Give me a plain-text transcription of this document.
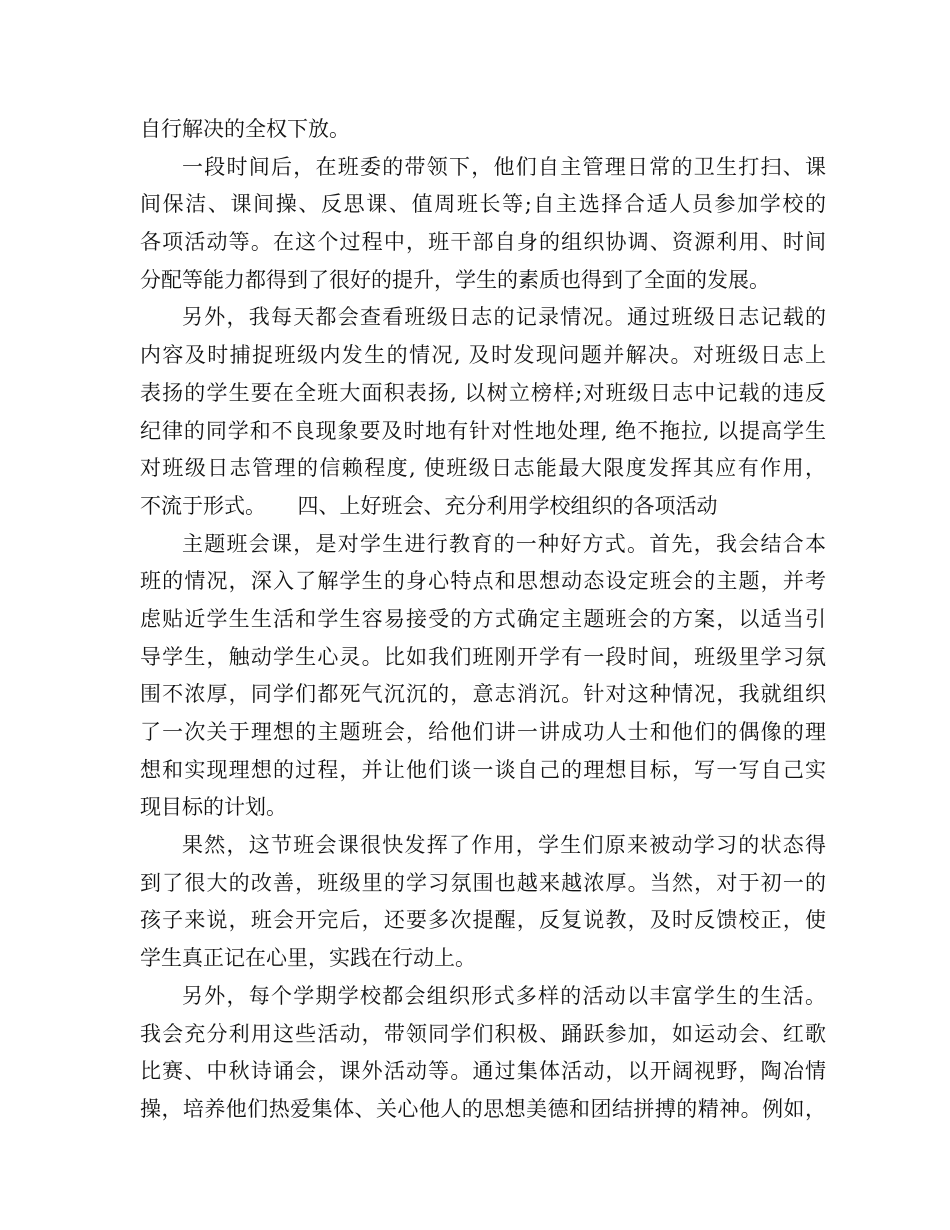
自行解决的全权下放。
一段时间后，在班委的带领下，他们自主管理日常的卫生打扫、课
间保洁、课间操、反思课、值周班长等;自主选择合适人员参加学校的
各项活动等。在这个过程中，班干部自身的组织协调、资源利用、时间
分配等能力都得到了很好的提升，学生的素质也得到了全面的发展。
另外，我每天都会查看班级日志的记录情况。通过班级日志记载的
内容及时捕捉班级内发生的情况, 及时发现问题并解决。对班级日志上
表扬的学生要在全班大面积表扬, 以树立榜样;对班级日志中记载的违反
纪律的同学和不良现象要及时地有针对性地处理, 绝不拖拉, 以提高学生
对班级日志管理的信赖程度, 使班级日志能最大限度发挥其应有作用，
不流于形式。　　四、上好班会、充分利用学校组织的各项活动
主题班会课，是对学生进行教育的一种好方式。首先，我会结合本
班的情况，深入了解学生的身心特点和思想动态设定班会的主题，并考
虑贴近学生生活和学生容易接受的方式确定主题班会的方案，以适当引
导学生，触动学生心灵。比如我们班刚开学有一段时间，班级里学习氛
围不浓厚，同学们都死气沉沉的，意志消沉。针对这种情况，我就组织
了一次关于理想的主题班会，给他们讲一讲成功人士和他们的偶像的理
想和实现理想的过程，并让他们谈一谈自己的理想目标，写一写自己实
现目标的计划。
果然，这节班会课很快发挥了作用，学生们原来被动学习的状态得
到了很大的改善，班级里的学习氛围也越来越浓厚。当然，对于初一的
孩子来说，班会开完后，还要多次提醒，反复说教，及时反馈校正，使
学生真正记在心里，实践在行动上。
另外，每个学期学校都会组织形式多样的活动以丰富学生的生活。
我会充分利用这些活动，带领同学们积极、踊跃参加，如运动会、红歌
比赛、中秋诗诵会，课外活动等。通过集体活动，以开阔视野，陶冶情
操，培养他们热爱集体、关心他人的思想美德和团结拼搏的精神。例如，
